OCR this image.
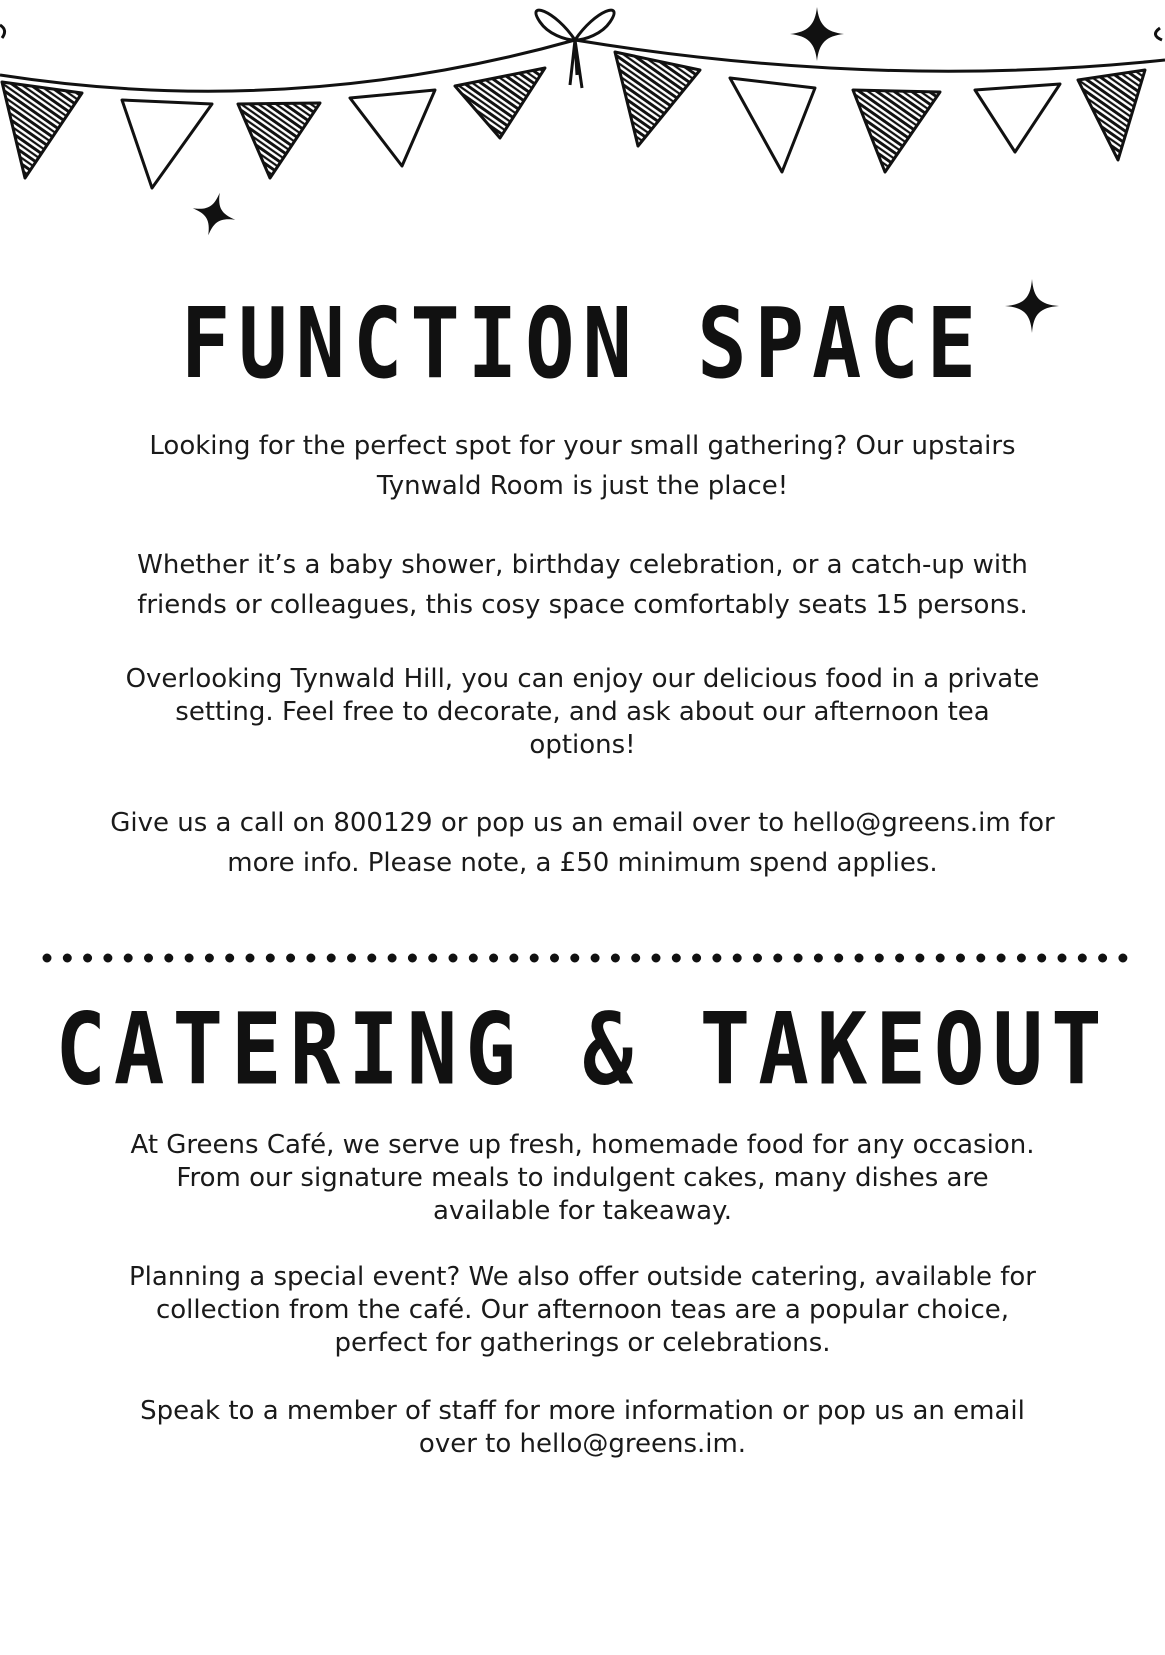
FUNCTION SPACE
Looking for the perfect spot for your small gathering? Our upstairs
Tynwald Room is just the place!
Whether it’s a baby shower, birthday celebration, or a catch-up with
friends or colleagues, this cosy space comfortably seats 15 persons.
Overlooking Tynwald Hill, you can enjoy our delicious food in a private
setting. Feel free to decorate, and ask about our afternoon tea
options!
Give us a call on 800129 or pop us an email over to hello@greens.im for
more info. Please note, a £50 minimum spend applies.
CATERING & TAKEOUT
At Greens Café, we serve up fresh, homemade food for any occasion.
From our signature meals to indulgent cakes, many dishes are
available for takeaway.
Planning a special event? We also offer outside catering, available for
collection from the café. Our afternoon teas are a popular choice,
perfect for gatherings or celebrations.
Speak to a member of staff for more information or pop us an email
over to hello@greens.im.
